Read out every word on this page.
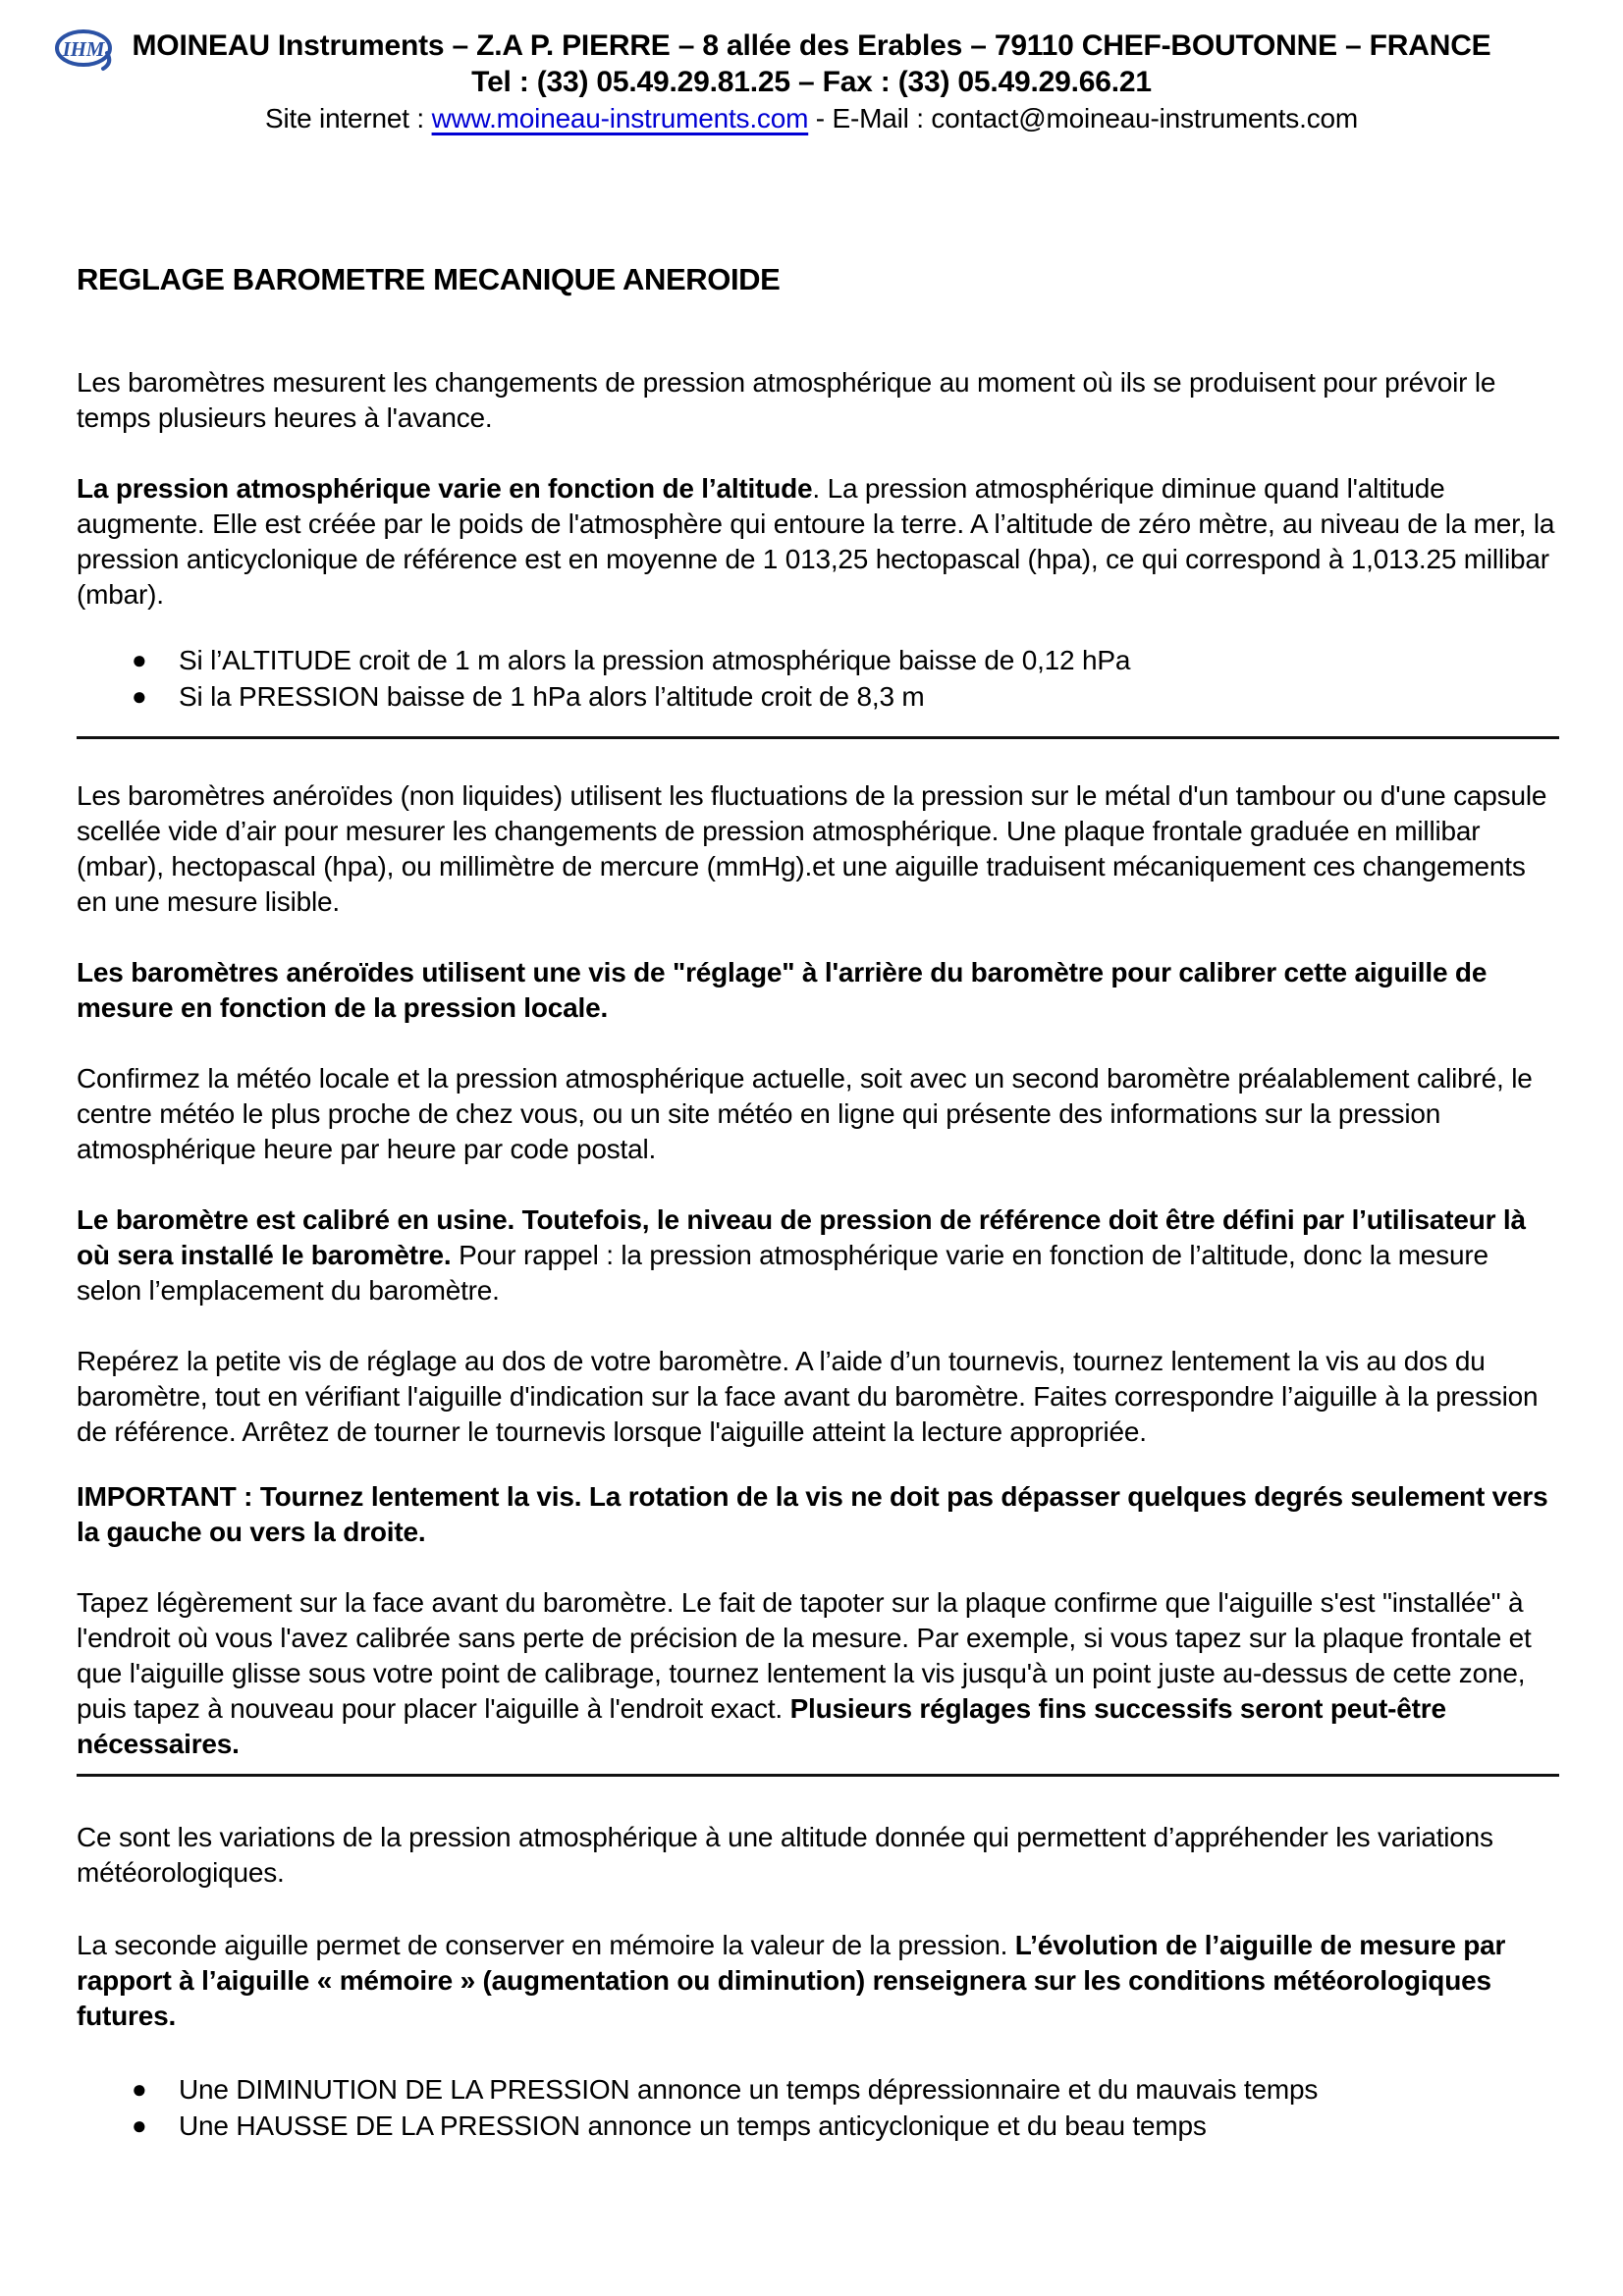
IHM MOINEAU Instruments – Z.A P. PIERRE – 8 allée des Erables – 79110 CHEF-BOUTONNE – FRANCE
Tel : (33) 05.49.29.81.25 – Fax : (33) 05.49.29.66.21
Site internet : www.moineau-instruments.com - E-Mail : contact@moineau-instruments.com
REGLAGE BAROMETRE MECANIQUE ANEROIDE

Les baromètres mesurent les changements de pression atmosphérique au moment où ils se produisent pour prévoir le temps plusieurs heures à l'avance.

La pression atmosphérique varie en fonction de l’altitude. La pression atmosphérique diminue quand l'altitude augmente. Elle est créée par le poids de l'atmosphère qui entoure la terre. A l’altitude de zéro mètre, au niveau de la mer, la pression anticyclonique de référence est en moyenne de 1 013,25 hectopascal (hpa), ce qui correspond à 1,013.25 millibar (mbar).

● Si l’ALTITUDE croit de 1 m alors la pression atmosphérique baisse de 0,12 hPa
● Si la PRESSION baisse de 1 hPa alors l’altitude croit de 8,3 m

Les baromètres anéroïdes (non liquides) utilisent les fluctuations de la pression sur le métal d'un tambour ou d'une capsule scellée vide d’air pour mesurer les changements de pression atmosphérique. Une plaque frontale graduée en millibar (mbar), hectopascal (hpa), ou millimètre de mercure (mmHg).et une aiguille traduisent mécaniquement ces changements en une mesure lisible.

Les baromètres anéroïdes utilisent une vis de "réglage" à l'arrière du baromètre pour calibrer cette aiguille de mesure en fonction de la pression locale.

Confirmez la météo locale et la pression atmosphérique actuelle, soit avec un second baromètre préalablement calibré, le centre météo le plus proche de chez vous, ou un site météo en ligne qui présente des informations sur la pression atmosphérique heure par heure par code postal.

Le baromètre est calibré en usine. Toutefois, le niveau de pression de référence doit être défini par l’utilisateur là où sera installé le baromètre. Pour rappel : la pression atmosphérique varie en fonction de l’altitude, donc la mesure selon l’emplacement du baromètre.

Repérez la petite vis de réglage au dos de votre baromètre. A l’aide d’un tournevis, tournez lentement la vis au dos du baromètre, tout en vérifiant l'aiguille d'indication sur la face avant du baromètre. Faites correspondre l’aiguille à la pression de référence. Arrêtez de tourner le tournevis lorsque l'aiguille atteint la lecture appropriée.

IMPORTANT : Tournez lentement la vis. La rotation de la vis ne doit pas dépasser quelques degrés seulement vers la gauche ou vers la droite.

Tapez légèrement sur la face avant du baromètre. Le fait de tapoter sur la plaque confirme que l'aiguille s'est "installée" à l'endroit où vous l'avez calibrée sans perte de précision de la mesure. Par exemple, si vous tapez sur la plaque frontale et que l'aiguille glisse sous votre point de calibrage, tournez lentement la vis jusqu'à un point juste au-dessus de cette zone, puis tapez à nouveau pour placer l'aiguille à l'endroit exact. Plusieurs réglages fins successifs seront peut-être nécessaires.

Ce sont les variations de la pression atmosphérique à une altitude donnée qui permettent d’appréhender les variations météorologiques.

La seconde aiguille permet de conserver en mémoire la valeur de la pression. L’évolution de l’aiguille de mesure par rapport à l’aiguille « mémoire » (augmentation ou diminution) renseignera sur les conditions météorologiques futures.

● Une DIMINUTION DE LA PRESSION annonce un temps dépressionnaire et du mauvais temps
● Une HAUSSE DE LA PRESSION annonce un temps anticyclonique et du beau temps
